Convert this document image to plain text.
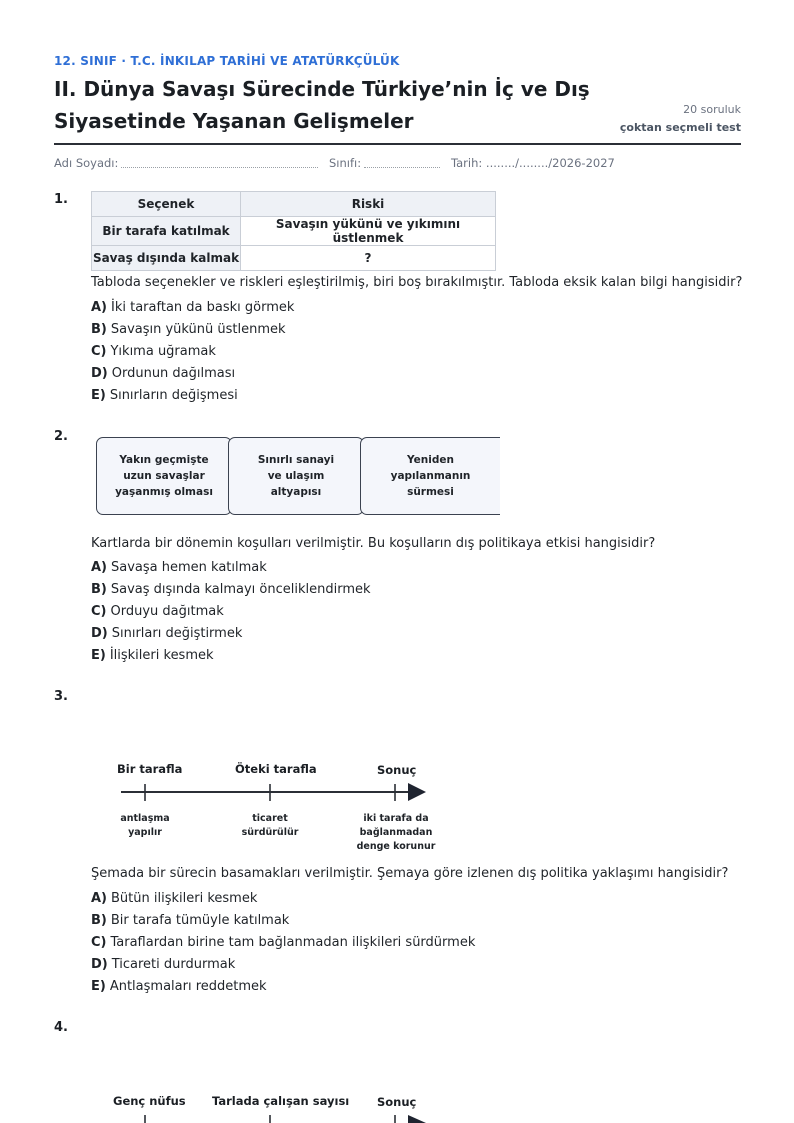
12. SINIF · T.C. İNKILAP TARİHİ VE ATATÜRKÇÜLÜK
II. Dünya Savaşı Sürecinde Türkiye’nin İç ve Dış
Siyasetinde Yaşanan Gelişmeler	20 soruluk
çoktan seçmeli test
Adı Soyadı:	Sınıfı:	Tarih: ......../......../2026-2027
1.	Seçenek	Riski
Bir tarafa katılmak	Savaşın yükünü ve yıkımını üstlenmek
Savaş dışında kalmak	?
Tabloda seçenekler ve riskleri eşleştirilmiş, biri boş bırakılmıştır. Tabloda eksik kalan bilgi hangisidir?
A) İki taraftan da baskı görmek
B) Savaşın yükünü üstlenmek
C) Yıkıma uğramak
D) Ordunun dağılması
E) Sınırların değişmesi
2.
Yakın geçmişte
uzun savaşlar
yaşanmış olması
Sınırlı sanayi
ve ulaşım
altyapısı
Yeniden
yapılanmanın
sürmesi
Kartlarda bir dönemin koşulları verilmiştir. Bu koşulların dış politikaya etkisi hangisidir?
A) Savaşa hemen katılmak
B) Savaş dışında kalmayı önceliklendirmek
C) Orduyu dağıtmak
D) Sınırları değiştirmek
E) İlişkileri kesmek
3.
Bir tarafla	Öteki tarafla	Sonuç
antlaşma
yapılır
ticaret
sürdürülür
iki tarafa da
bağlanmadan
denge korunur
Şemada bir sürecin basamakları verilmiştir. Şemaya göre izlenen dış politika yaklaşımı hangisidir?
A) Bütün ilişkileri kesmek
B) Bir tarafa tümüyle katılmak
C) Taraflardan birine tam bağlanmadan ilişkileri sürdürmek
D) Ticareti durdurmak
E) Antlaşmaları reddetmek
4.
Genç nüfus Tarlada çalışan sayısı Sonuç
